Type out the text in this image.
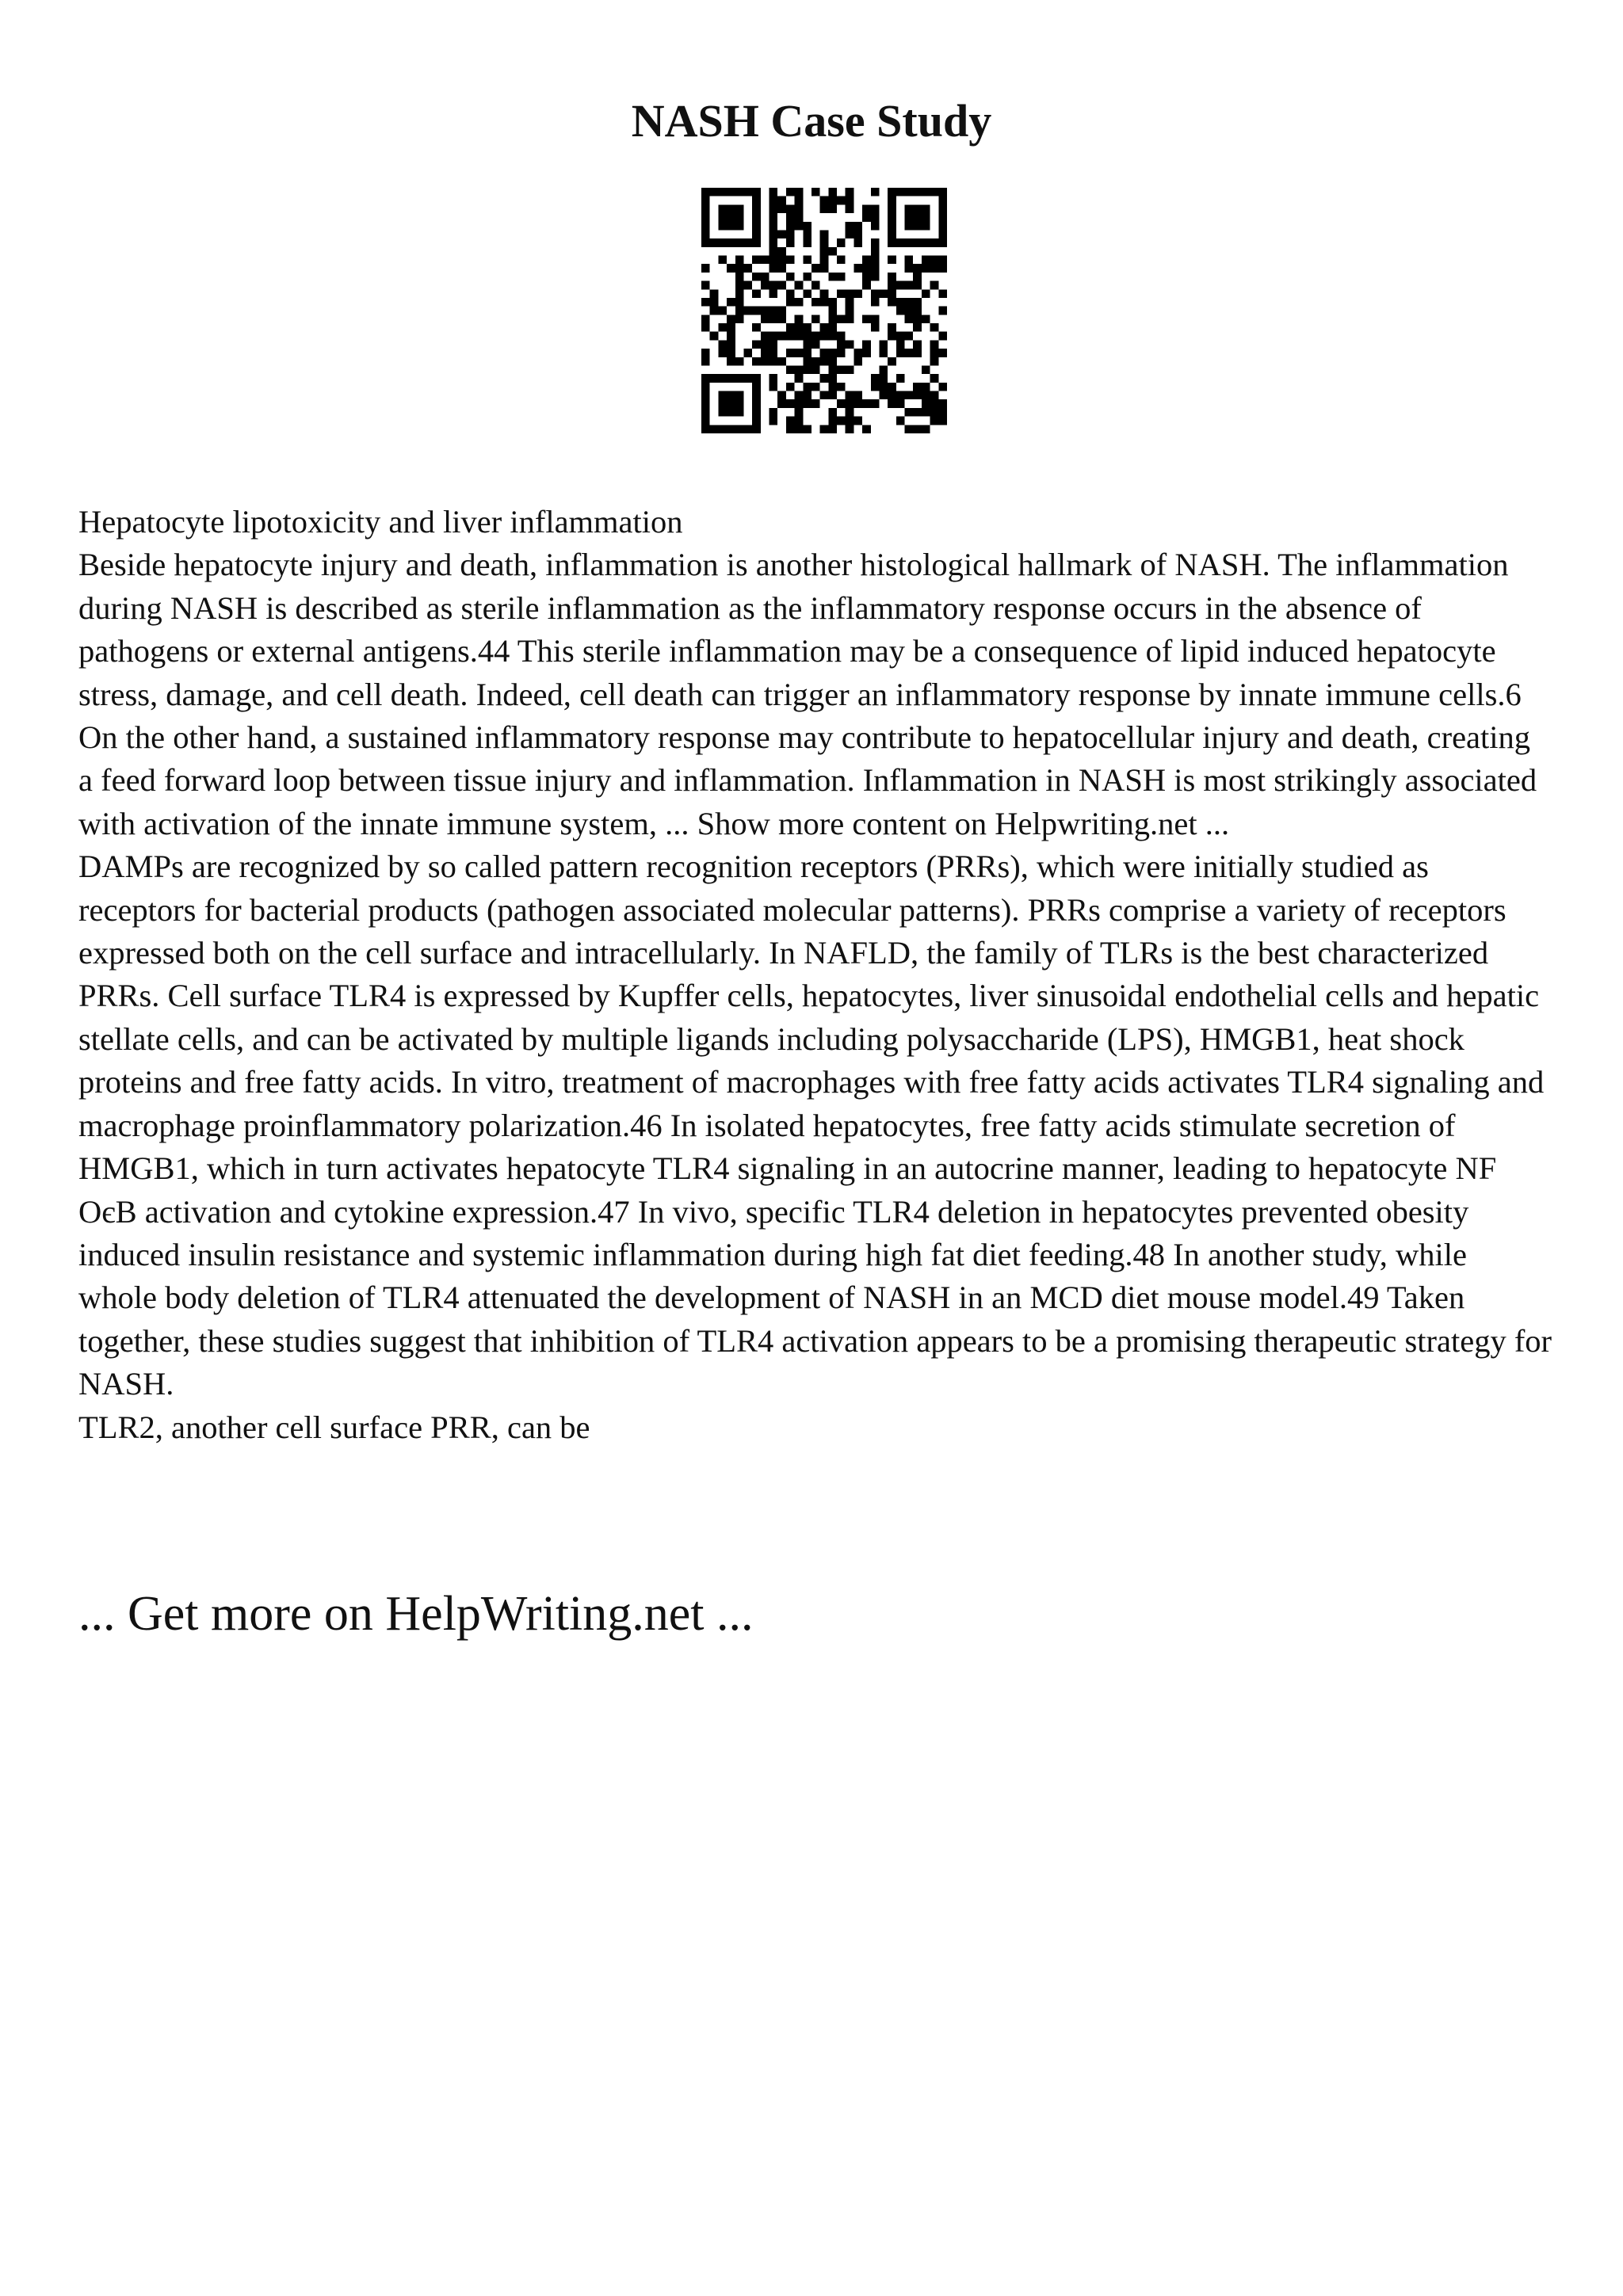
NASH Case Study

Hepatocyte lipotoxicity and liver inflammation

Beside hepatocyte injury and death, inflammation is another histological hallmark of NASH. The inflammation during NASH is described as sterile inflammation as the inflammatory response occurs in the absence of pathogens or external antigens.44 This sterile inflammation may be a consequence of lipid induced hepatocyte stress, damage, and cell death. Indeed, cell death can trigger an inflammatory response by innate immune cells.6 On the other hand, a sustained inflammatory response may contribute to hepatocellular injury and death, creating a feed forward loop between tissue injury and inflammation. Inflammation in NASH is most strikingly associated with activation of the innate immune system, ... Show more content on Helpwriting.net ...

DAMPs are recognized by so called pattern recognition receptors (PRRs), which were initially studied as receptors for bacterial products (pathogen associated molecular patterns). PRRs comprise a variety of receptors expressed both on the cell surface and intracellularly. In NAFLD, the family of TLRs is the best characterized PRRs. Cell surface TLR4 is expressed by Kupffer cells, hepatocytes, liver sinusoidal endothelial cells and hepatic stellate cells, and can be activated by multiple ligands including polysaccharide (LPS), HMGB1, heat shock proteins and free fatty acids. In vitro, treatment of macrophages with free fatty acids activates TLR4 signaling and macrophage proinflammatory polarization.46 In isolated hepatocytes, free fatty acids stimulate secretion of HMGB1, which in turn activates hepatocyte TLR4 signaling in an autocrine manner, leading to hepatocyte NF OєB activation and cytokine expression.47 In vivo, specific TLR4 deletion in hepatocytes prevented obesity induced insulin resistance and systemic inflammation during high fat diet feeding.48 In another study, while whole body deletion of TLR4 attenuated the development of NASH in an MCD diet mouse model.49 Taken together, these studies suggest that inhibition of TLR4 activation appears to be a promising therapeutic strategy for NASH.

TLR2, another cell surface PRR, can be

... Get more on HelpWriting.net ...
